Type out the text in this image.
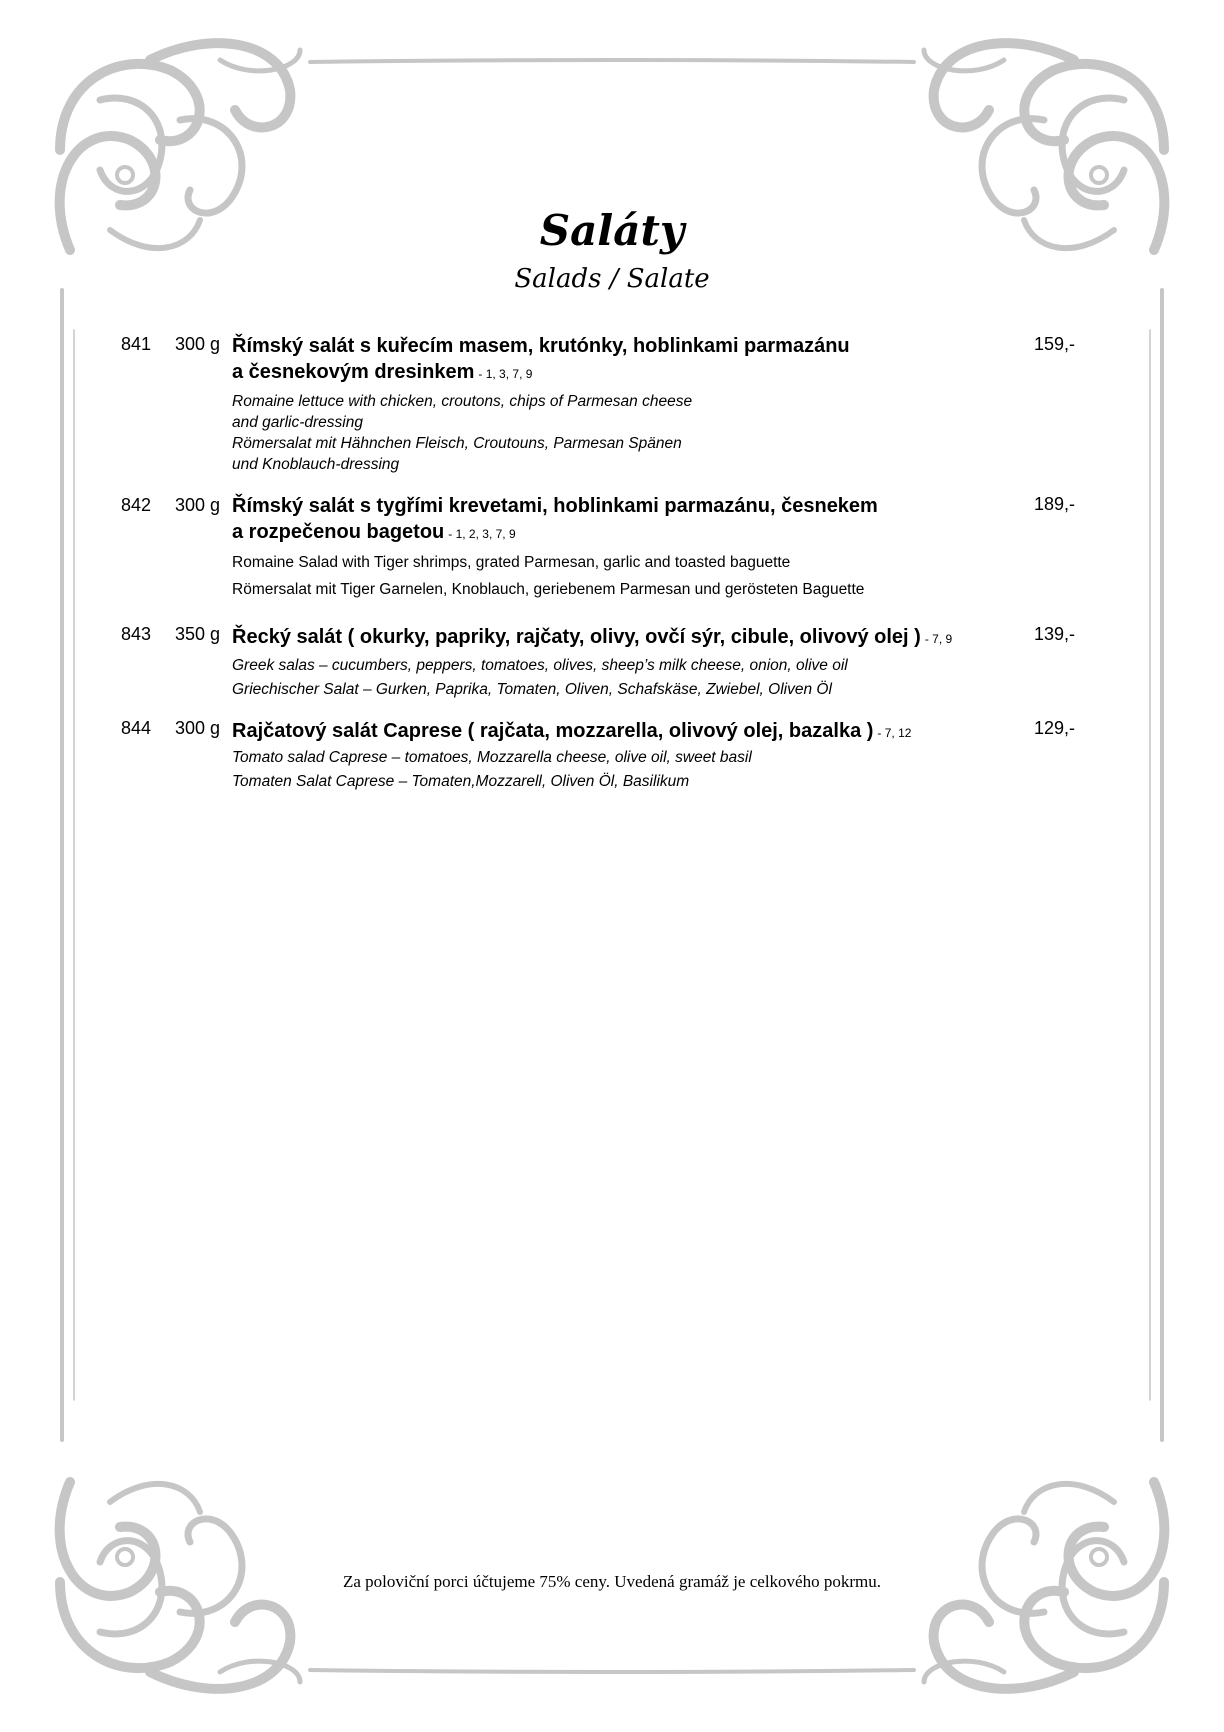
Saláty
Salads / Salate
841 300 g Římský salát s kuřecím masem, krutónky, hoblinkami parmazánu
a česnekovým dresinkem - 1, 3, 7, 9
Romaine lettuce with chicken, croutons, chips of Parmesan cheese
and garlic-dressing
Römersalat mit Hähnchen Fleisch, Croutouns, Parmesan Spänen
und Knoblauch-dressing
159,-
842 300 g Římský salát s tygřími krevetami, hoblinkami parmazánu, česnekem
a rozpečenou bagetou - 1, 2, 3, 7, 9
Romaine Salad with Tiger shrimps, grated Parmesan, garlic and toasted baguette
Römersalat mit Tiger Garnelen, Knoblauch, geriebenem Parmesan und gerösteten Baguette
189,-
843 350 g Řecký salát ( okurky, papriky, rajčaty, olivy, ovčí sýr, cibule, olivový olej ) - 7, 9
Greek salas – cucumbers, peppers, tomatoes, olives, sheep’s milk cheese, onion, olive oil
Griechischer Salat – Gurken, Paprika, Tomaten, Oliven, Schafskäse, Zwiebel, Oliven Öl
139,-
844 300 g Rajčatový salát Caprese ( rajčata, mozzarella, olivový olej, bazalka ) - 7, 12
Tomato salad Caprese – tomatoes, Mozzarella cheese, olive oil, sweet basil
Tomaten Salat Caprese – Tomaten,Mozzarell, Oliven Öl, Basilikum
129,-
Za poloviční porci účtujeme 75% ceny. Uvedená gramáž je celkového pokrmu.
